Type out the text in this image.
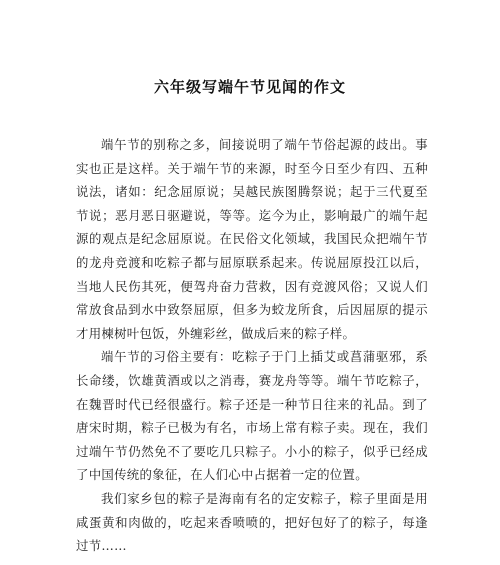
六年级写端午节见闻的作文

端午节的别称之多，间接说明了端午节俗起源的歧出。事实也正是这样。关于端午节的来源，时至今日至少有四、五种说法，诸如：纪念屈原说；吴越民族图腾祭说；起于三代夏至节说；恶月恶日驱避说，等等。迄今为止，影响最广的端午起源的观点是纪念屈原说。在民俗文化领域，我国民众把端午节的龙舟竞渡和吃粽子都与屈原联系起来。传说屈原投江以后，当地人民伤其死，便驾舟奋力营救，因有竞渡风俗；又说人们常放食品到水中致祭屈原，但多为蛟龙所食，后因屈原的提示才用楝树叶包饭，外缠彩丝，做成后来的粽子样。

端午节的习俗主要有：吃粽子于门上插艾或菖蒲驱邪，系长命缕，饮雄黄酒或以之消毒，赛龙舟等等。端午节吃粽子，在魏晋时代已经很盛行。粽子还是一种节日往来的礼品。到了唐宋时期，粽子已极为有名，市场上常有粽子卖。现在，我们过端午节仍然免不了要吃几只粽子。小小的粽子，似乎已经成了中国传统的象征，在人们心中占据着一定的位置。

我们家乡包的粽子是海南有名的定安粽子，粽子里面是用咸蛋黄和肉做的，吃起来香喷喷的，把好包好了的粽子，每逢过节……
